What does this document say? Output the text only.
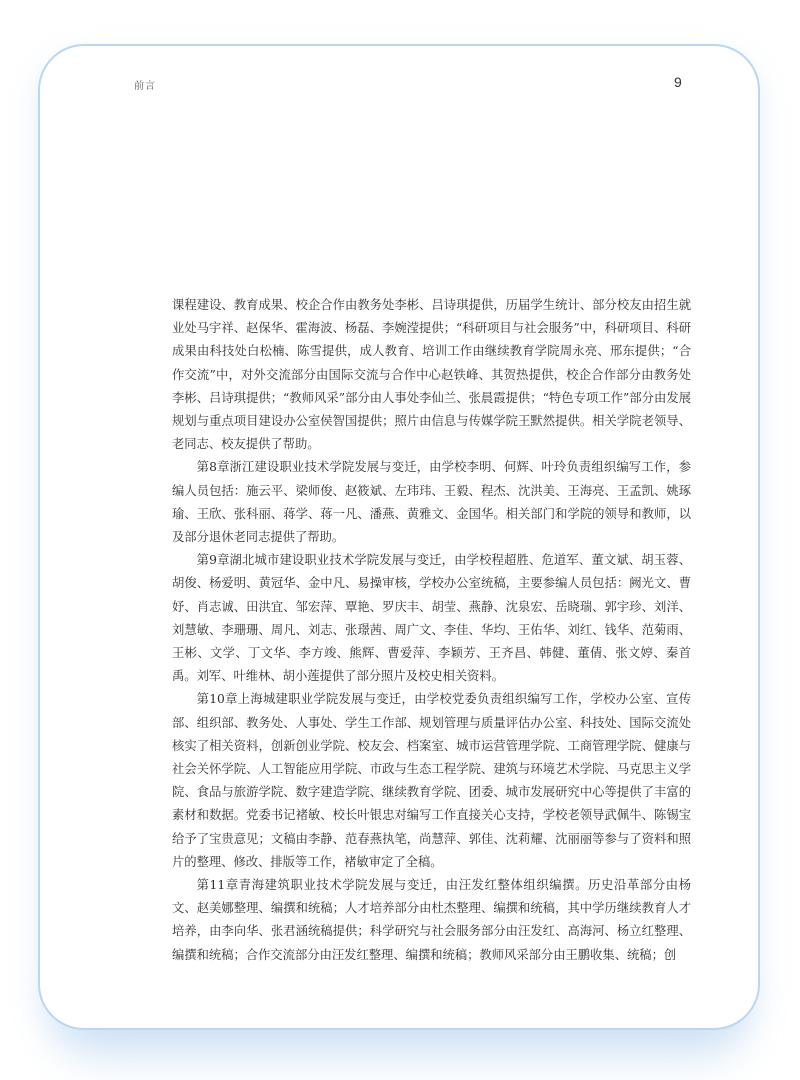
前言	9

课程建设、教育成果、校企合作由教务处李彬、吕诗琪提供，历届学生统计、部分校友由招生就业处马宇祥、赵保华、霍海波、杨磊、李婉滢提供；“科研项目与社会服务”中，科研项目、科研成果由科技处白松楠、陈雪提供，成人教育、培训工作由继续教育学院周永亮、邢东提供；“合作交流”中，对外交流部分由国际交流与合作中心赵铁峰、其贺热提供，校企合作部分由教务处李彬、吕诗琪提供；“教师风采”部分由人事处李仙兰、张晨霞提供；“特色专项工作”部分由发展规划与重点项目建设办公室侯智国提供；照片由信息与传媒学院王默然提供。相关学院老领导、老同志、校友提供了帮助。

第8章浙江建设职业技术学院发展与变迁，由学校李明、何辉、叶玲负责组织编写工作，参编人员包括：施云平、梁师俊、赵筱斌、左玮玮、王毅、程杰、沈洪美、王海亮、王孟凯、姚琢瑜、王欣、张科丽、蒋学、蒋一凡、潘燕、黄雅文、金国华。相关部门和学院的领导和教师，以及部分退休老同志提供了帮助。

第9章湖北城市建设职业技术学院发展与变迁，由学校程超胜、危道军、董文斌、胡玉蓉、胡俊、杨爱明、黄冠华、金中凡、易操审核，学校办公室统稿，主要参编人员包括：阙光文、曹妤、肖志诚、田洪宜、邹宏萍、覃艳、罗庆丰、胡莹、燕静、沈泉宏、岳晓瑞、郭宇珍、刘洋、刘慧敏、李珊珊、周凡、刘志、张璟茜、周广文、李佳、华均、王佑华、刘红、钱华、范菊雨、王彬、文学、丁文华、李方竣、熊辉、曹爱萍、李颖芳、王齐昌、韩健、董倩、张文婷、秦首禹。刘军、叶维林、胡小莲提供了部分照片及校史相关资料。

第10章上海城建职业学院发展与变迁，由学校党委负责组织编写工作，学校办公室、宣传部、组织部、教务处、人事处、学生工作部、规划管理与质量评估办公室、科技处、国际交流处核实了相关资料，创新创业学院、校友会、档案室、城市运营管理学院、工商管理学院、健康与社会关怀学院、人工智能应用学院、市政与生态工程学院、建筑与环境艺术学院、马克思主义学院、食品与旅游学院、数字建造学院、继续教育学院、团委、城市发展研究中心等提供了丰富的素材和数据。党委书记褚敏、校长叶银忠对编写工作直接关心支持，学校老领导武佩牛、陈锡宝给予了宝贵意见；文稿由李静、范春燕执笔，尚慧萍、郭佳、沈莉耀、沈丽丽等参与了资料和照片的整理、修改、排版等工作，褚敏审定了全稿。

第11章青海建筑职业技术学院发展与变迁，由汪发红整体组织编撰。历史沿革部分由杨文、赵美娜整理、编撰和统稿；人才培养部分由杜杰整理、编撰和统稿，其中学历继续教育人才培养，由李向华、张君涵统稿提供；科学研究与社会服务部分由汪发红、高海河、杨立红整理、编撰和统稿；合作交流部分由汪发红整理、编撰和统稿；教师风采部分由王鹏收集、统稿；创
